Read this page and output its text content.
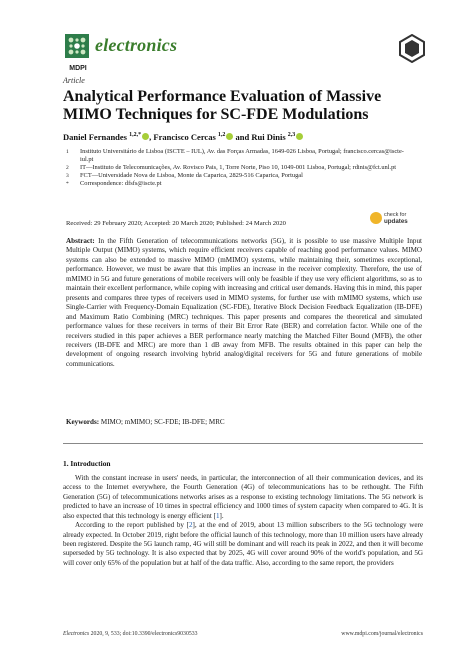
electronics
MDPI
Article
Analytical Performance Evaluation of Massive MIMO Techniques for SC-FDE Modulations
Daniel Fernandes $^{1,2,*}$ , Francisco Cercas $^{1,2}$ and Rui Dinis $^{2,3}$
1 Instituto Universitário de Lisboa (ISCTE – IUL), Av. das Forças Armadas, 1649-026 Lisboa, Portugal; francisco.cercas@iscte-iul.pt
2 IT—Instituto de Telecomunicações, Av. Rovisco Pais, 1, Torre Norte, Piso 10, 1049-001 Lisboa, Portugal; rdinis@fct.unl.pt
3 FCT—Universidade Nova de Lisboa, Monte da Caparica, 2829-516 Caparica, Portugal
* Correspondence: dfsfs@iscte.pt
Received: 29 February 2020; Accepted: 20 March 2020; Published: 24 March 2020
check for
updates
Abstract: In the Fifth Generation of telecommunications networks (5G), it is possible to use massive Multiple Input Multiple Output (MIMO) systems, which require efficient receivers capable of reaching good performance values. MIMO systems can also be extended to massive MIMO (mMIMO) systems, while maintaining their, sometimes exceptional, performance. However, we must be aware that this implies an increase in the receiver complexity. Therefore, the use of mMIMO in 5G and future generations of mobile receivers will only be feasible if they use very efficient algorithms, so as to maintain their excellent performance, while coping with increasing and critical user demands. Having this in mind, this paper presents and compares three types of receivers used in MIMO systems, for further use with mMIMO systems, which use Single-Carrier with Frequency-Domain Equalization (SC-FDE), Iterative Block Decision Feedback Equalization (IB-DFE) and Maximum Ratio Combining (MRC) techniques. This paper presents and compares the theoretical and simulated performance values for these receivers in terms of their Bit Error Rate (BER) and correlation factor. While one of the receivers studied in this paper achieves a BER performance nearly matching the Matched Filter Bound (MFB), the other receivers (IB-DFE and MRC) are more than 1 dB away from MFB. The results obtained in this paper can help the development of ongoing research involving hybrid analog/digital receivers for 5G and future generations of mobile communications.
Keywords: MIMO; mMIMO; SC-FDE; IB-DFE; MRC
1. Introduction

With the constant increase in users' needs, in particular, the interconnection of all their communication devices, and its access to the Internet everywhere, the Fourth Generation (4G) of telecommunications has to be rethought. The Fifth Generation (5G) of telecommunications networks arises as a response to existing technology limitations. The 5G network is predicted to have an increase of 10 times in spectral efficiency and 1000 times of system capacity when compared to 4G. It is also expected that this technology is energy efficient [1].

According to the report published by [2], at the end of 2019, about 13 million subscribers to the 5G technology were already expected. In October 2019, right before the official launch of this technology, more than 10 million users have already been registered. Despite the 5G launch ramp, 4G will still be dominant and will reach its peak in 2022, and then it will become superseded by 5G technology. It is also expected that by 2025, 4G will cover around 90% of the world's population, and 5G will cover only 65% of the population but at half of the data traffic. Also, according to the same report, the providers

Electronics 2020, 9, 533; doi:10.3390/electronics9030533	www.mdpi.com/journal/electronics
